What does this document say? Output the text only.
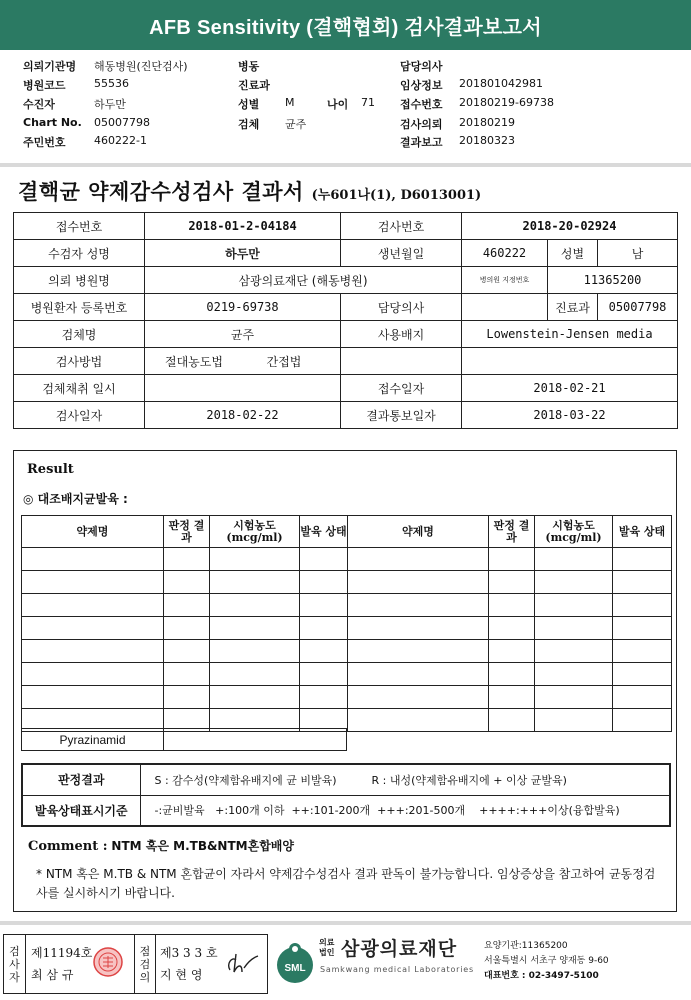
AFB Sensitivity (결핵협회) 검사결과보고서
의뢰기관명 해동병원(진단검사)
병원코드	55536
수진자	하두만
Chart No. 05007798
주민번호	460222-1
병동
진료과
성별 M	나이 71
검체 균주
담당의사
임상정보 201801042981
접수번호 20180219-69738
검사의뢰 20180219
결과보고 20180323
결핵균 약제감수성검사 결과서 (누601나(1), D6013001)
접수번호	2018-01-2-04184	검사번호	2018-20-02924		
수검자 성명	하두만	생년월일	460222	성별	남
의뢰 병원명	삼광의료재단 (해동병원)		병의원 지정번호	11365200	
병원환자 등록번호	0219-69738	담당의사		진료과	05007798
검체명	균주	사용배지	Lowenstein-Jensen media		
검사방법	절대농도법 간접법				
검체채취 일시		접수일자	2018-02-21		
검사일자	2018-02-22	결과통보일자	2018-03-22		
Result
◎ 대조배지균발육 :
약제명	판정 결과	시험농도 (mcg/ml)	발육 상태	약제명	판정 결과	시험농도 (mcg/ml)	발육 상태

Pyrazinamid
판정결과	S : 감수성(약제함유배지에 균 비발육)          R : 내성(약제함유배지에 + 이상 균발육)
발육상태표시기준	-:균비발육   +:100개 이하  ++:101-200개  +++:201-500개    ++++:+++이상(융합발육)
Comment : NTM 혹은 M.TB&NTM혼합배양
* NTM 혹은 M.TB & NTM 혼합균이 자라서 약제감수성검사 결과 판독이 불가능합니다. 임상증상을 참고하여 균동정검사를 실시하시기 바랍니다.
검
사
자
점
검
의
제11194호
최 삼 규
제3 3 3 호
지 현 영	SML
의료 법인 삼광의료재단
Samkwang medical Laboratories
요양기관:11365200
서울특별시 서초구 양재동 9-60
대표번호 : 02-3497-5100
